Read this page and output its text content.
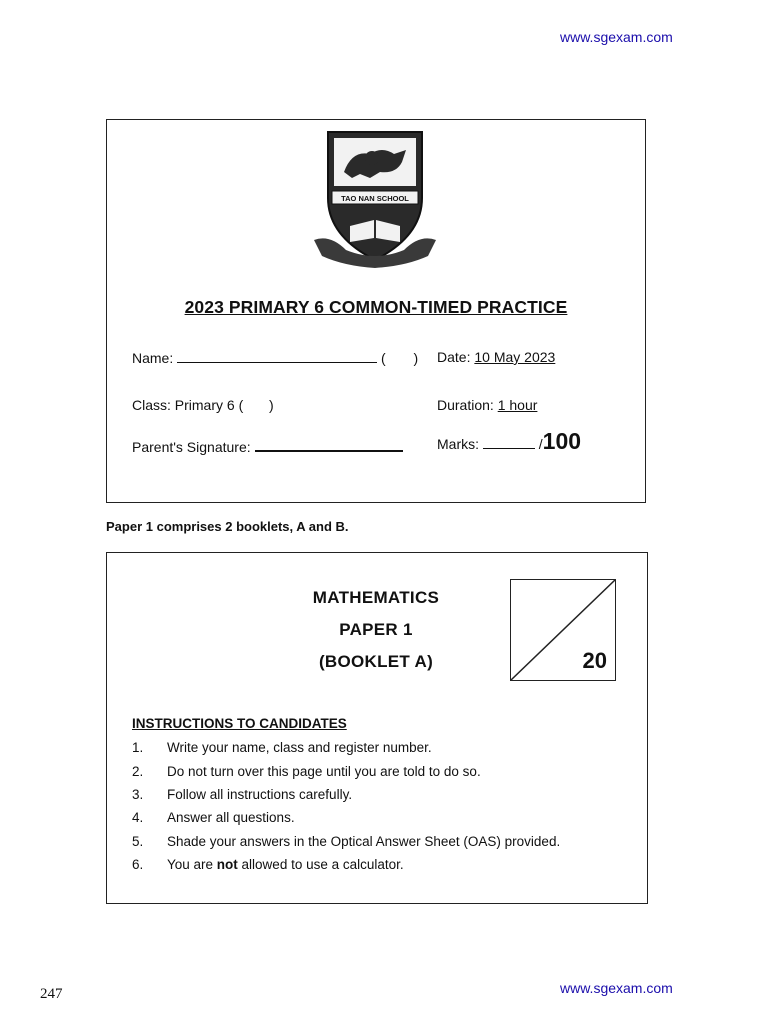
www.sgexam.com
TAO NAN SCHOOL
2023 PRIMARY 6 COMMON-TIMED PRACTICE
Name:	( ) Date: 10 May 2023
Class: Primary 6 ( )	Duration: 1 hour
Parent's Signature:	Marks:	/100
Paper 1 comprises 2 booklets, A and B.
MATHEMATICS
PAPER 1
(BOOKLET A)	20
INSTRUCTIONS TO CANDIDATES
1. Write your name, class and register number.
2. Do not turn over this page until you are told to do so.
3. Follow all instructions carefully.
4. Answer all questions.
5. Shade your answers in the Optical Answer Sheet (OAS) provided.
6. You are not allowed to use a calculator.
247	www.sgexam.com
